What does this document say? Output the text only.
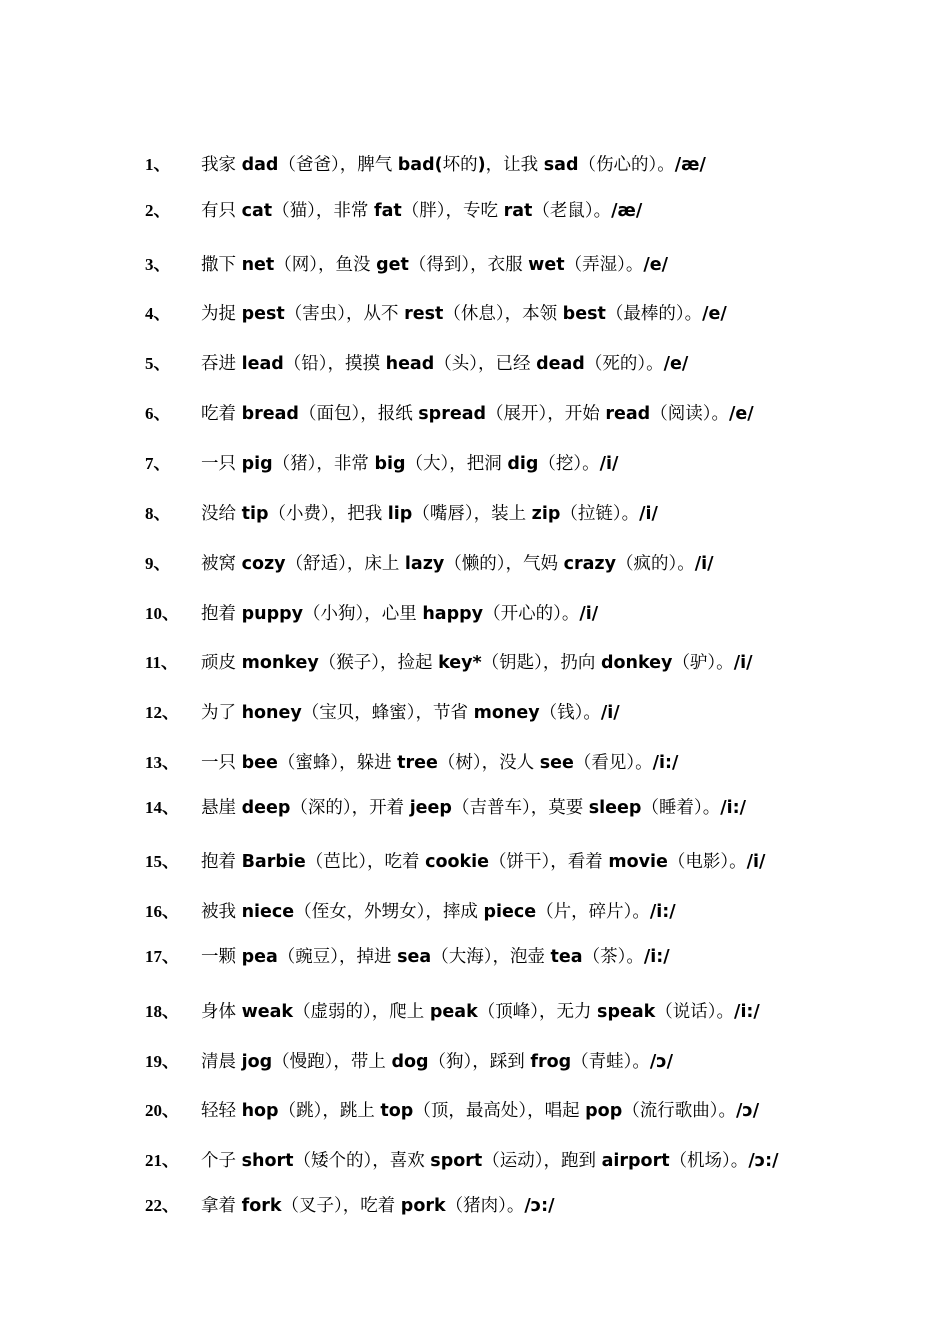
1、 我家 dad（爸爸），脾气 bad(坏的)，让我 sad（伤心的）。/æ/
2、 有只 cat（猫），非常 fat（胖），专吃 rat（老鼠）。/æ/
3、 撒下 net（网），鱼没 get（得到），衣服 wet（弄湿）。/e/
4、 为捉 pest（害虫），从不 rest（休息），本领 best（最棒的）。/e/
5、 吞进 lead（铅），摸摸 head（头），已经 dead（死的）。/e/
6、 吃着 bread（面包），报纸 spread（展开），开始 read（阅读）。/e/
7、 一只 pig（猪），非常 big（大），把洞 dig（挖）。/i/
8、 没给 tip（小费），把我 lip（嘴唇），装上 zip（拉链）。/i/
9、 被窝 cozy（舒适），床上 lazy（懒的），气妈 crazy（疯的）。/i/
10、 抱着 puppy（小狗），心里 happy（开心的）。/i/
11、 顽皮 monkey（猴子），捡起 key*（钥匙），扔向 donkey（驴）。/i/
12、 为了 honey（宝贝，蜂蜜），节省 money（钱）。/i/
13、 一只 bee（蜜蜂），躲进 tree（树），没人 see（看见）。/i:/
14、 悬崖 deep（深的），开着 jeep（吉普车），莫要 sleep（睡着）。/i:/
15、 抱着 Barbie（芭比），吃着 cookie（饼干），看着 movie（电影）。/i/
16、 被我 niece（侄女，外甥女），摔成 piece（片，碎片）。/i:/
17、 一颗 pea（豌豆），掉进 sea（大海），泡壶 tea（茶）。/i:/
18、 身体 weak（虚弱的），爬上 peak（顶峰），无力 speak（说话）。/i:/
19、 清晨 jog（慢跑），带上 dog（狗），踩到 frog（青蛙）。/ɔ/
20、 轻轻 hop（跳），跳上 top（顶，最高处），唱起 pop（流行歌曲）。/ɔ/
21、 个子 short（矮个的），喜欢 sport（运动），跑到 airport（机场）。/ɔ:/
22、 拿着 fork（叉子），吃着 pork（猪肉）。/ɔ:/
